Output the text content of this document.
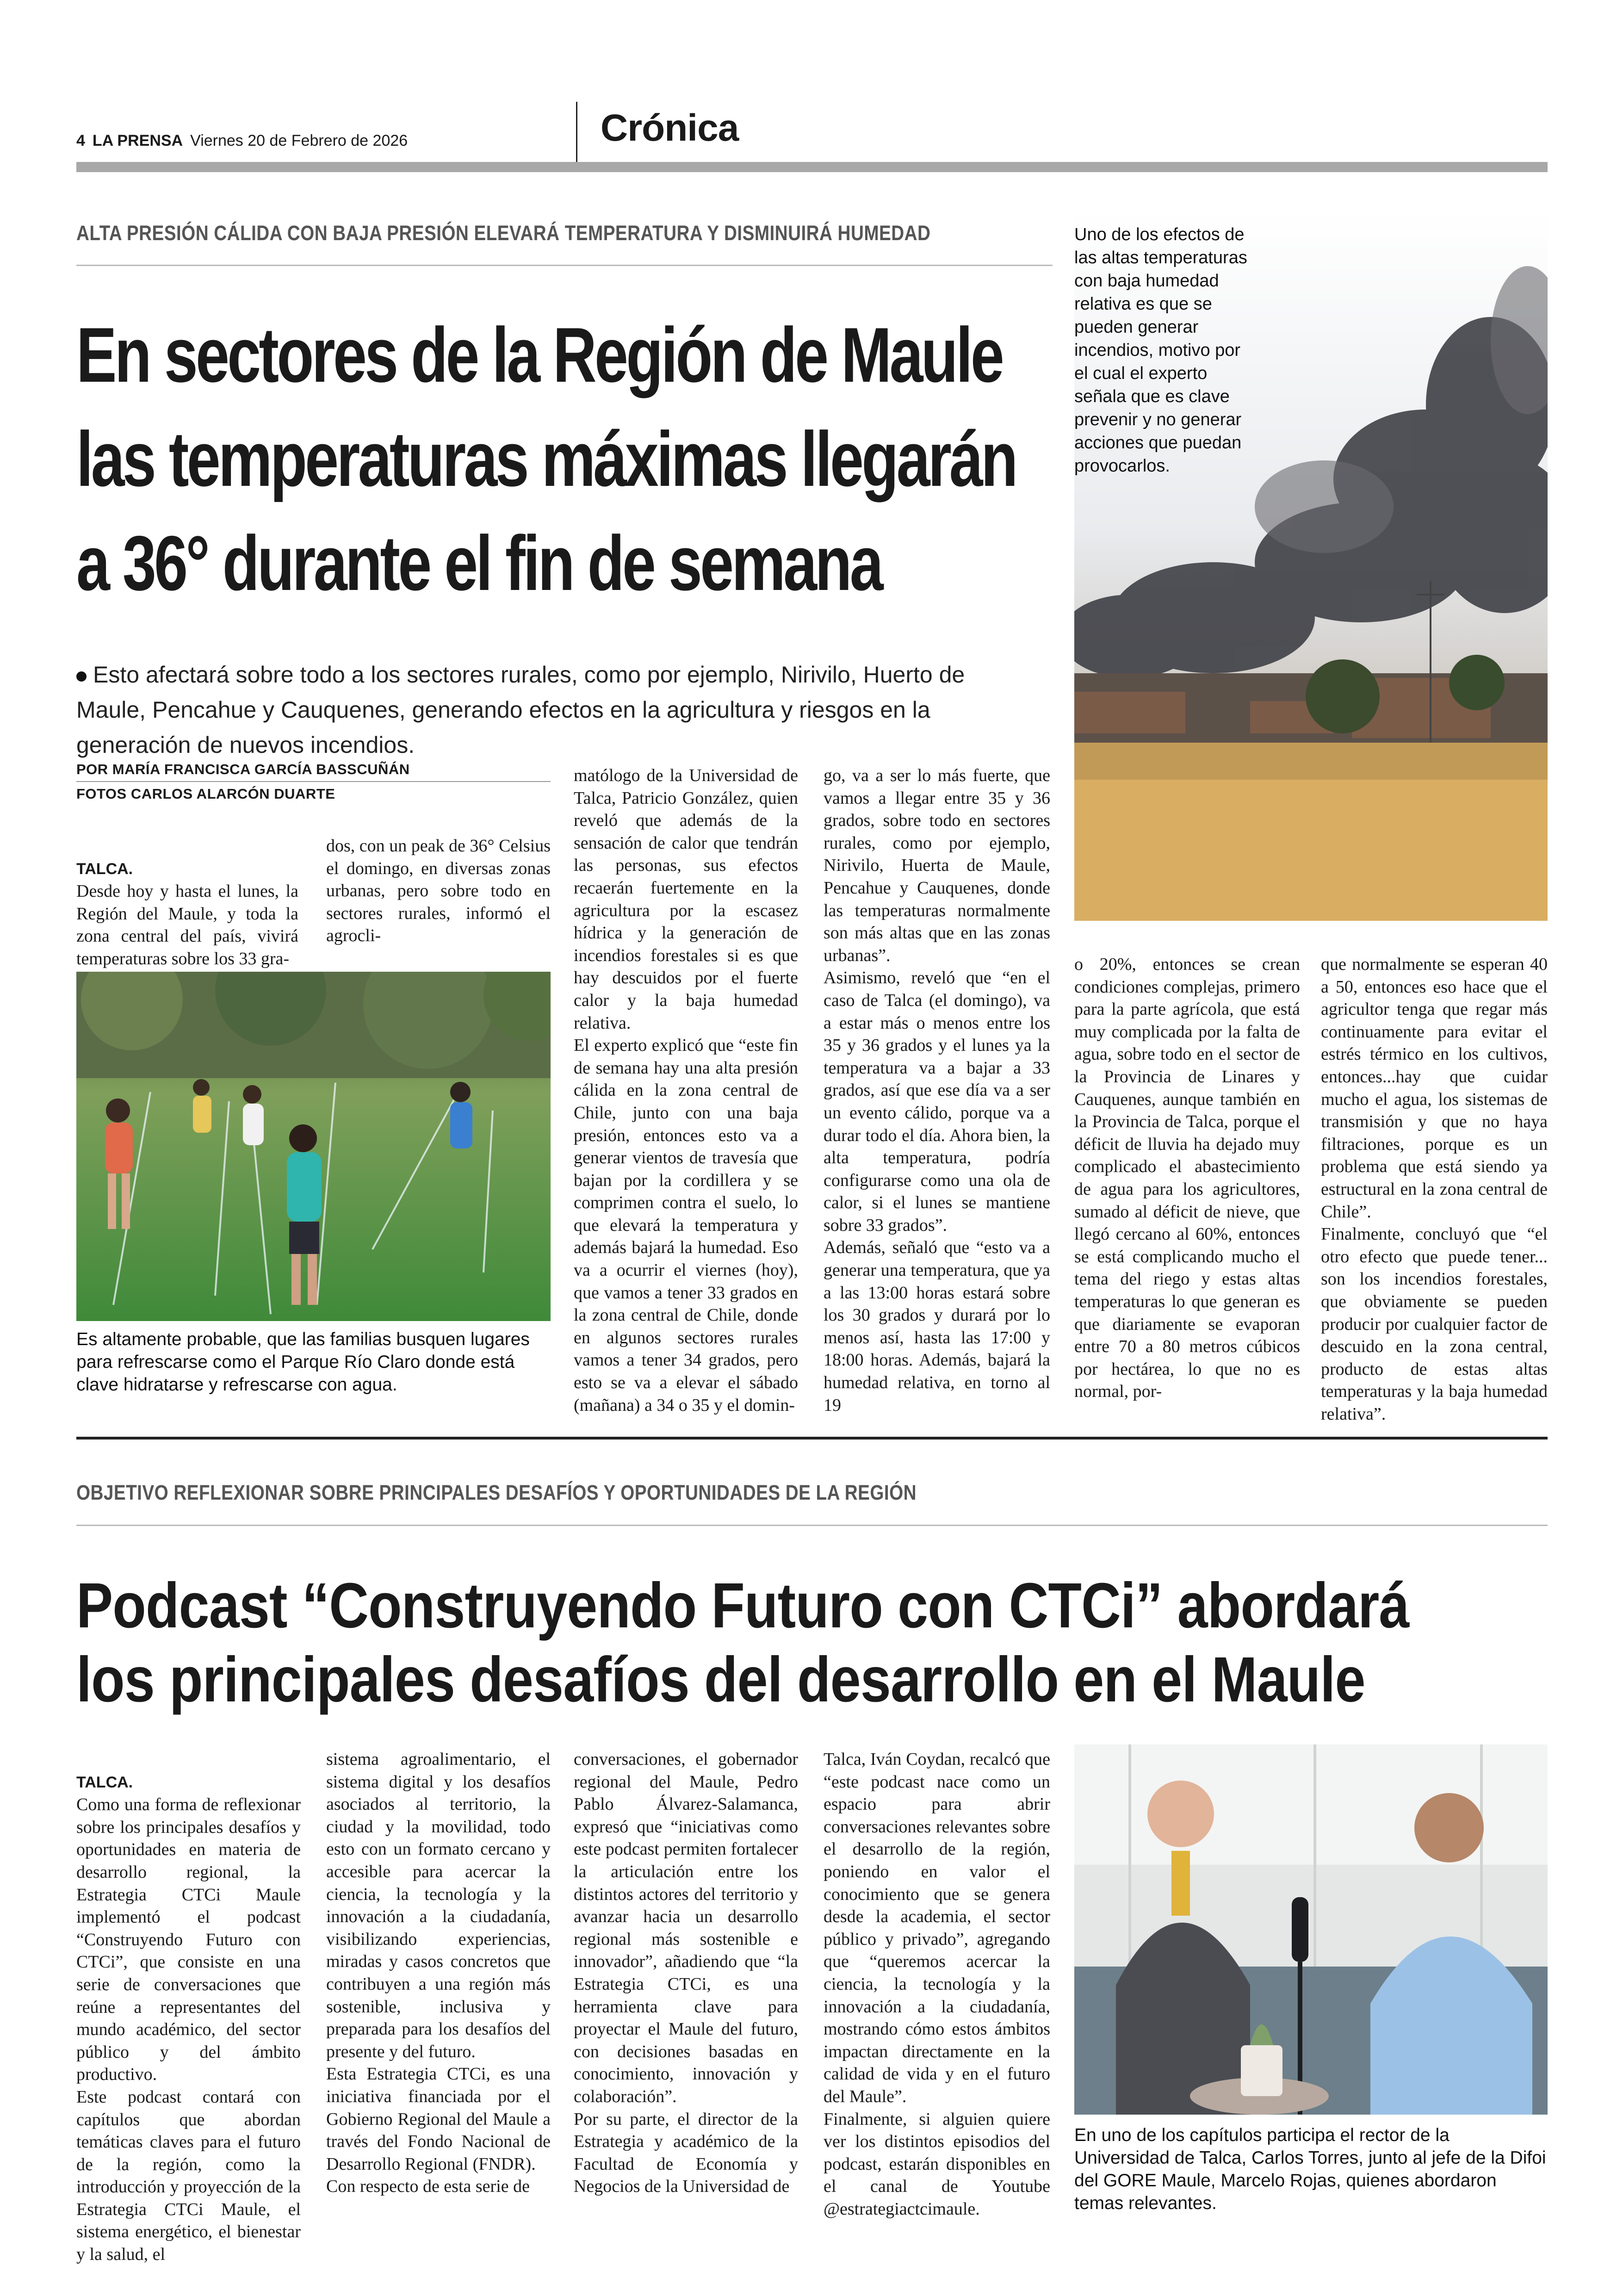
4 LA PRENSA Viernes 20 de Febrero de 2026	Crónica
ALTA PRESIÓN CÁLIDA CON BAJA PRESIÓN ELEVARÁ TEMPERATURA Y DISMINUIRÁ HUMEDAD
En sectores de la Región de Maule
las temperaturas máximas llegarán
a 36° durante el fin de semana
Esto afectará sobre todo a los sectores rurales, como por ejemplo, Nirivilo, Huerto de Maule, Pencahue y Cauquenes, generando efectos en la agricultura y riesgos en la generación de nuevos incendios.
POR MARÍA FRANCISCA GARCÍA BASSCUÑÁN
FOTOS CARLOS ALARCÓN DUARTE

TALCA.
Desde hoy y hasta el lunes, la Región del Maule, y toda la zona central del país, vivirá temperaturas sobre los 33 gra-

dos, con un peak de 36° Celsius el domingo, en diversas zonas urbanas, pero sobre todo en sectores rurales, informó el agrocli-
Es altamente probable, que las familias busquen lugares para refrescarse como el Parque Río Claro donde está clave hidratarse y refrescarse con agua.
matólogo de la Universidad de Talca, Patricio González, quien reveló que además de la sensación de calor que tendrán las personas, sus efectos recaerán fuertemente en la agricultura por la escasez hídrica y la generación de incendios forestales si es que hay descuidos por el fuerte calor y la baja humedad relativa.
El experto explicó que “este fin de semana hay una alta presión cálida en la zona central de Chile, junto con una baja presión, entonces esto va a generar vientos de travesía que bajan por la cordillera y se comprimen contra el suelo, lo que elevará la temperatura y además bajará la humedad. Eso va a ocurrir el viernes (hoy), que vamos a tener 33 grados en la zona central de Chile, donde en algunos sectores rurales vamos a tener 34 grados, pero esto se va a elevar el sábado (mañana) a 34 o 35 y el domin-
go, va a ser lo más fuerte, que vamos a llegar entre 35 y 36 grados, sobre todo en sectores rurales, como por ejemplo, Nirivilo, Huerta de Maule, Pencahue y Cauquenes, donde las temperaturas normalmente son más altas que en las zonas urbanas”.
Asimismo, reveló que “en el caso de Talca (el domingo), va a estar más o menos entre los 35 y 36 grados y el lunes ya la temperatura va a bajar a 33 grados, así que ese día va a ser un evento cálido, porque va a durar todo el día. Ahora bien, la alta temperatura, podría configurarse como una ola de calor, si el lunes se mantiene sobre 33 grados”.
Además, señaló que “esto va a generar una temperatura, que ya a las 13:00 horas estará sobre los 30 grados y durará por lo menos así, hasta las 17:00 y 18:00 horas. Además, bajará la humedad relativa, en torno al 19
Uno de los efectos de las altas temperaturas con baja humedad relativa es que se pueden generar incendios, motivo por el cual el experto señala que es clave prevenir y no generar acciones que puedan provocarlos.
o 20%, entonces se crean condiciones complejas, primero para la parte agrícola, que está muy complicada por la falta de agua, sobre todo en el sector de la Provincia de Linares y Cauquenes, aunque también en la Provincia de Talca, porque el déficit de lluvia ha dejado muy complicado el abastecimiento de agua para los agricultores, sumado al déficit de nieve, que llegó cercano al 60%, entonces se está complicando mucho el tema del riego y estas altas temperaturas lo que generan es que diariamente se evaporan entre 70 a 80 metros cúbicos por hectárea, lo que no es normal, por-
que normalmente se esperan 40 a 50, entonces eso hace que el agricultor tenga que regar más continuamente para evitar el estrés térmico en los cultivos, entonces...hay que cuidar mucho el agua, los sistemas de transmisión y que no haya filtraciones, porque es un problema que está siendo ya estructural en la zona central de Chile”.
Finalmente, concluyó que “el otro efecto que puede tener... son los incendios forestales, que obviamente se pueden producir por cualquier factor de descuido en la zona central, producto de estas altas temperaturas y la baja humedad relativa”.
OBJETIVO REFLEXIONAR SOBRE PRINCIPALES DESAFÍOS Y OPORTUNIDADES DE LA REGIÓN
Podcast “Construyendo Futuro con CTCi” abordará
los principales desafíos del desarrollo en el Maule

TALCA.
Como una forma de reflexionar sobre los principales desafíos y oportunidades en materia de desarrollo regional, la Estrategia CTCi Maule implementó el podcast “Construyendo Futuro con CTCi”, que consiste en una serie de conversaciones que reúne a representantes del mundo académico, del sector público y del ámbito productivo.
Este podcast contará con capítulos que abordan temáticas claves para el futuro de la región, como la introducción y proyección de la Estrategia CTCi Maule, el sistema energético, el bienestar y la salud, el

sistema agroalimentario, el sistema digital y los desafíos asociados al territorio, la ciudad y la movilidad, todo esto con un formato cercano y accesible para acercar la ciencia, la tecnología y la innovación a la ciudadanía, visibilizando experiencias, miradas y casos concretos que contribuyen a una región más sostenible, inclusiva y preparada para los desafíos del presente y del futuro.
Esta Estrategia CTCi, es una iniciativa financiada por el Gobierno Regional del Maule a través del Fondo Nacional de Desarrollo Regional (FNDR).
Con respecto de esta serie de
conversaciones, el gobernador regional del Maule, Pedro Pablo Álvarez-Salamanca, expresó que “iniciativas como este podcast permiten fortalecer la articulación entre los distintos actores del territorio y avanzar hacia un desarrollo regional más sostenible e innovador”, añadiendo que “la Estrategia CTCi, es una herramienta clave para proyectar el Maule del futuro, con decisiones basadas en conocimiento, innovación y colaboración”.
Por su parte, el director de la Estrategia y académico de la Facultad de Economía y Negocios de la Universidad de
Talca, Iván Coydan, recalcó que “este podcast nace como un espacio para abrir conversaciones relevantes sobre el desarrollo de la región, poniendo en valor el conocimiento que se genera desde la academia, el sector público y privado”, agregando que “queremos acercar la ciencia, la tecnología y la innovación a la ciudadanía, mostrando cómo estos ámbitos impactan directamente en la calidad de vida y en el futuro del Maule”.
Finalmente, si alguien quiere ver los distintos episodios del podcast, estarán disponibles en el canal de Youtube @estrategiactcimaule.
En uno de los capítulos participa el rector de la Universidad de Talca, Carlos Torres, junto al jefe de la Difoi del GORE Maule, Marcelo Rojas, quienes abordaron temas relevantes.
